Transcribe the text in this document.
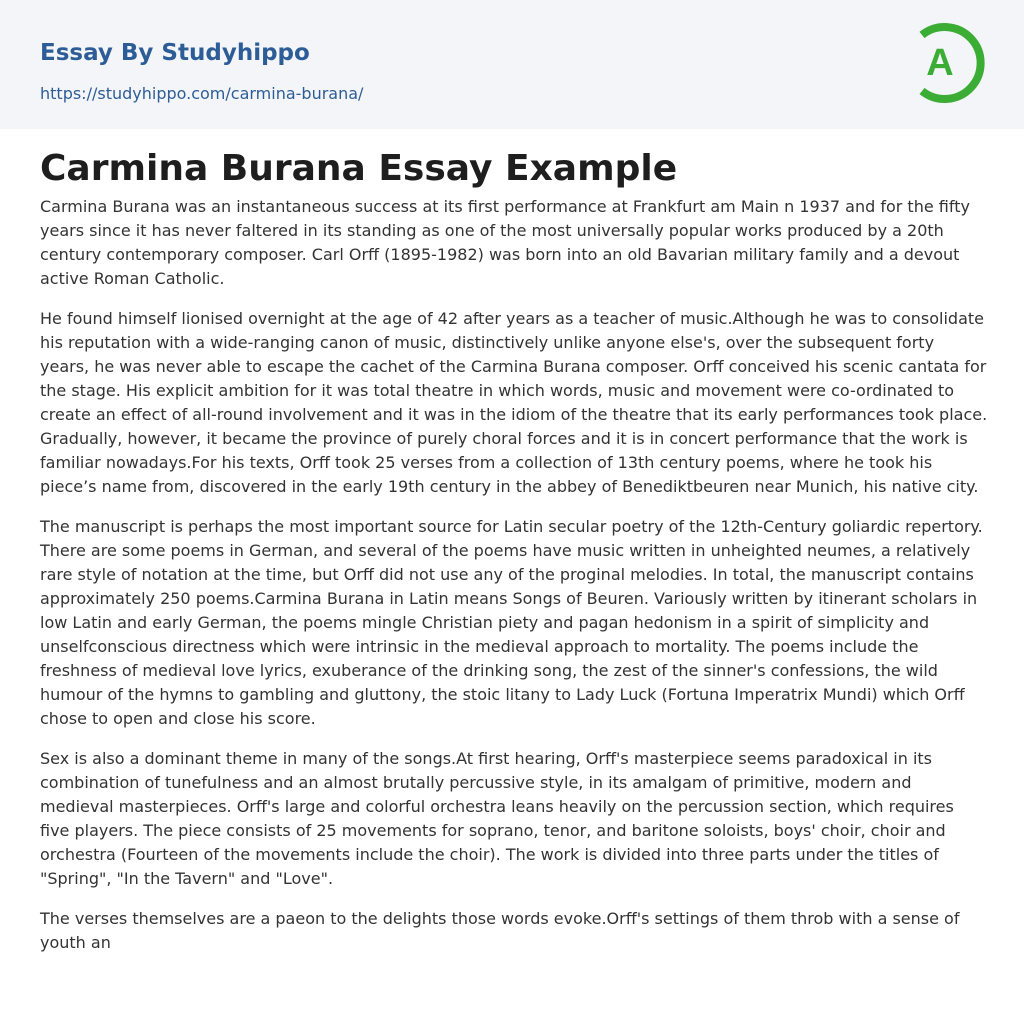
Essay By Studyhippo
https://studyhippo.com/carmina-burana/
A
Carmina Burana Essay Example

Carmina Burana was an instantaneous success at its first performance at Frankfurt am Main n 1937 and for the fifty years since it has never faltered in its standing as one of the most universally popular works produced by a 20th century contemporary composer. Carl Orff (1895-1982) was born into an old Bavarian military family and a devout active Roman Catholic.

He found himself lionised overnight at the age of 42 after years as a teacher of music.Although he was to consolidate his reputation with a wide-ranging canon of music, distinctively unlike anyone else's, over the subsequent forty years, he was never able to escape the cachet of the Carmina Burana composer. Orff conceived his scenic cantata for the stage. His explicit ambition for it was total theatre in which words, music and movement were co-ordinated to create an effect of all-round involvement and it was in the idiom of the theatre that its early performances took place. Gradually, however, it became the province of purely choral forces and it is in concert performance that the work is familiar nowadays.For his texts, Orff took 25 verses from a collection of 13th century poems, where he took his piece’s name from, discovered in the early 19th century in the abbey of Benediktbeuren near Munich, his native city.

The manuscript is perhaps the most important source for Latin secular poetry of the 12th-Century goliardic repertory. There are some poems in German, and several of the poems have music written in unheighted neumes, a relatively rare style of notation at the time, but Orff did not use any of the proginal melodies. In total, the manuscript contains approximately 250 poems.Carmina Burana in Latin means Songs of Beuren. Variously written by itinerant scholars in low Latin and early German, the poems mingle Christian piety and pagan hedonism in a spirit of simplicity and unselfconscious directness which were intrinsic in the medieval approach to mortality. The poems include the freshness of medieval love lyrics, exuberance of the drinking song, the zest of the sinner's confessions, the wild humour of the hymns to gambling and gluttony, the stoic litany to Lady Luck (Fortuna Imperatrix Mundi) which Orff chose to open and close his score.

Sex is also a dominant theme in many of the songs.At first hearing, Orff's masterpiece seems paradoxical in its combination of tunefulness and an almost brutally percussive style, in its amalgam of primitive, modern and medieval masterpieces. Orff's large and colorful orchestra leans heavily on the percussion section, which requires five players. The piece consists of 25 movements for soprano, tenor, and baritone soloists, boys' choir, choir and orchestra (Fourteen of the movements include the choir). The work is divided into three parts under the titles of "Spring", "In the Tavern" and "Love".

The verses themselves are a paeon to the delights those words evoke.Orff's settings of them throb with a sense of youth an
